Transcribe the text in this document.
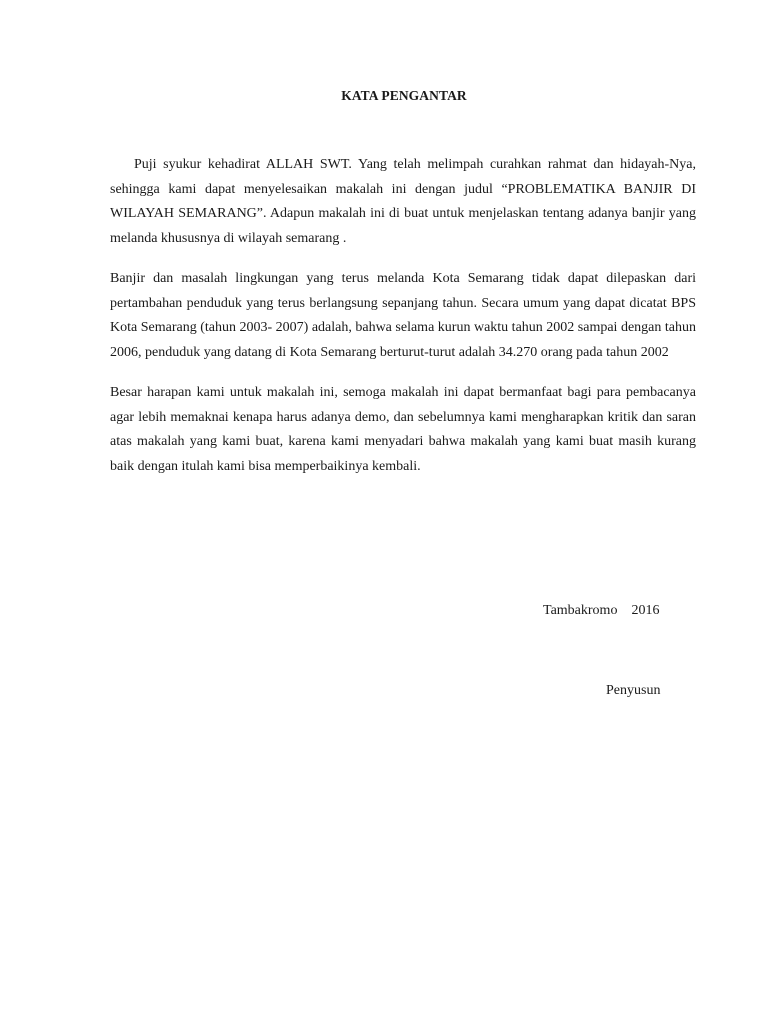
KATA PENGANTAR

Puji syukur kehadirat ALLAH SWT. Yang telah melimpah curahkan rahmat dan hidayah-Nya, sehingga kami dapat menyelesaikan makalah ini dengan judul “PROBLEMATIKA BANJIR DI WILAYAH SEMARANG”. Adapun makalah ini di buat untuk menjelaskan tentang adanya banjir yang melanda khususnya di wilayah semarang .

Banjir dan masalah lingkungan yang terus melanda Kota Semarang tidak dapat dilepaskan dari pertambahan penduduk yang terus berlangsung sepanjang tahun. Secara umum yang dapat dicatat BPS Kota Semarang (tahun 2003- 2007) adalah, bahwa selama kurun waktu tahun 2002 sampai dengan tahun 2006, penduduk yang datang di Kota Semarang berturut-turut adalah 34.270 orang pada tahun 2002

Besar harapan kami untuk makalah ini, semoga makalah ini dapat bermanfaat bagi para pembacanya agar lebih memaknai kenapa harus adanya demo, dan sebelumnya kami mengharapkan kritik dan saran atas makalah yang kami buat, karena kami menyadari bahwa makalah yang kami buat masih kurang baik dengan itulah kami bisa memperbaikinya kembali.

Tambakromo 2016
Penyusun
